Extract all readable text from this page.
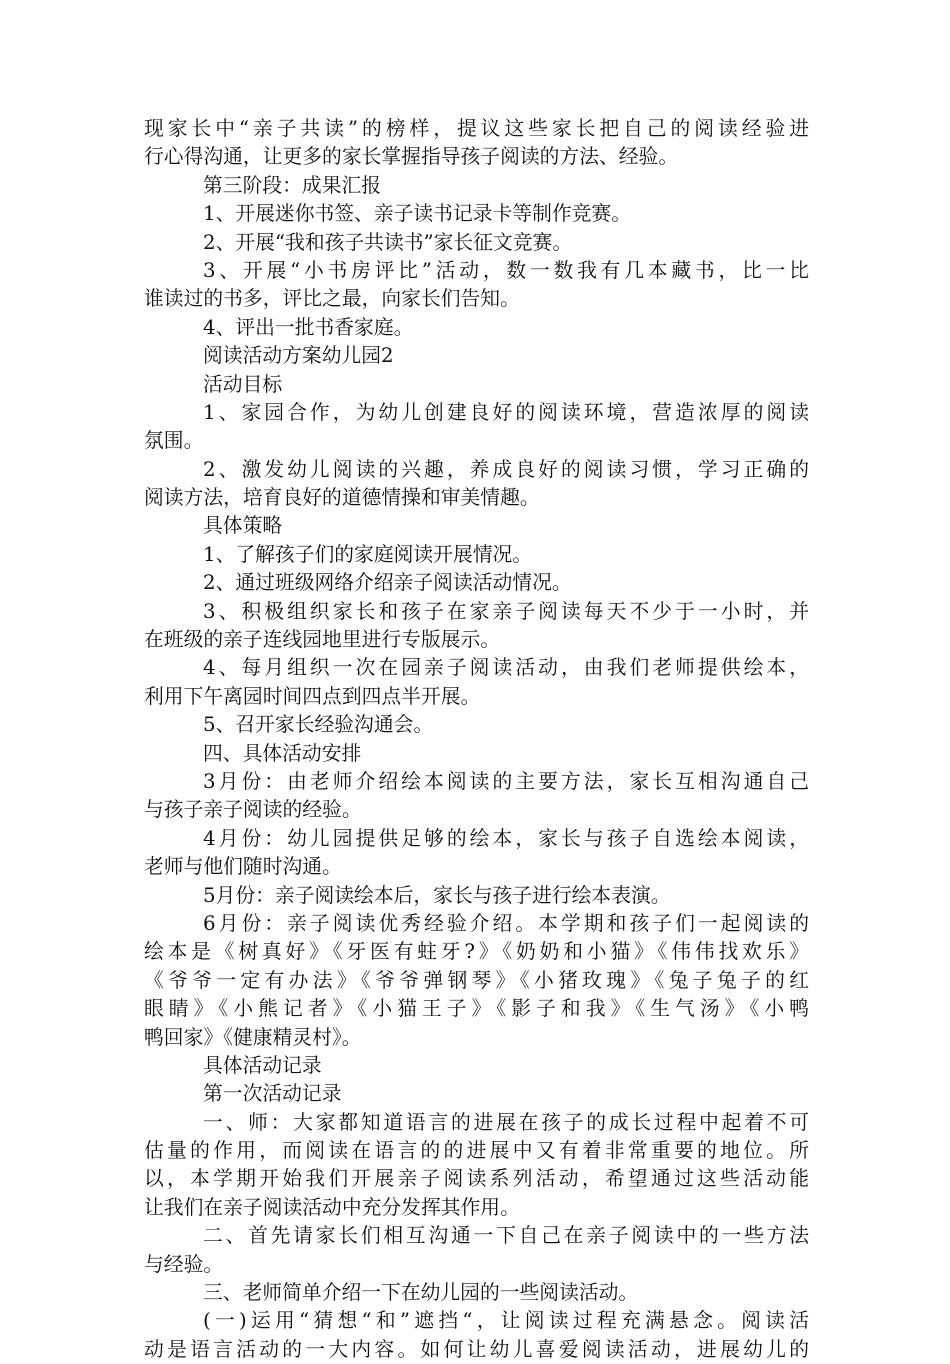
现家长中“亲子共读”的榜样，提议这些家长把自己的阅读经验进
行心得沟通，让更多的家长掌握指导孩子阅读的方法、经验。
第三阶段：成果汇报
1、开展迷你书签、亲子读书记录卡等制作竞赛。
2、开展“我和孩子共读书”家长征文竞赛。
3、开展“小书房评比”活动，数一数我有几本藏书，比一比
谁读过的书多，评比之最，向家长们告知。
4、评出一批书香家庭。
阅读活动方案幼儿园2
活动目标
1、家园合作，为幼儿创建良好的阅读环境，营造浓厚的阅读
氛围。
2、激发幼儿阅读的兴趣，养成良好的阅读习惯，学习正确的
阅读方法，培育良好的道德情操和审美情趣。
具体策略
1、了解孩子们的家庭阅读开展情况。
2、通过班级网络介绍亲子阅读活动情况。
3、积极组织家长和孩子在家亲子阅读每天不少于一小时，并
在班级的亲子连线园地里进行专版展示。
4、每月组织一次在园亲子阅读活动，由我们老师提供绘本，
利用下午离园时间四点到四点半开展。
5、召开家长经验沟通会。
四、具体活动安排
3月份：由老师介绍绘本阅读的主要方法，家长互相沟通自己
与孩子亲子阅读的经验。
4月份：幼儿园提供足够的绘本，家长与孩子自选绘本阅读，
老师与他们随时沟通。
5月份：亲子阅读绘本后，家长与孩子进行绘本表演。
6月份：亲子阅读优秀经验介绍。本学期和孩子们一起阅读的
绘本是《树真好》《牙医有蛀牙?》《奶奶和小猫》《伟伟找欢乐》
《爷爷一定有办法》《爷爷弹钢琴》《小猪玫瑰》《兔子兔子的红
眼睛》《小熊记者》《小猫王子》《影子和我》《生气汤》《小鸭
鸭回家》《健康精灵村》。
具体活动记录
第一次活动记录
一、师：大家都知道语言的进展在孩子的成长过程中起着不可
估量的作用，而阅读在语言的的进展中又有着非常重要的地位。所
以，本学期开始我们开展亲子阅读系列活动，希望通过这些活动能
让我们在亲子阅读活动中充分发挥其作用。
二、首先请家长们相互沟通一下自己在亲子阅读中的一些方法
与经验。
三、老师简单介绍一下在幼儿园的一些阅读活动。
(一)运用“猜想“和”遮挡“，让阅读过程充满悬念。阅读活
动是语言活动的一大内容。如何让幼儿喜爱阅读活动，进展幼儿的
